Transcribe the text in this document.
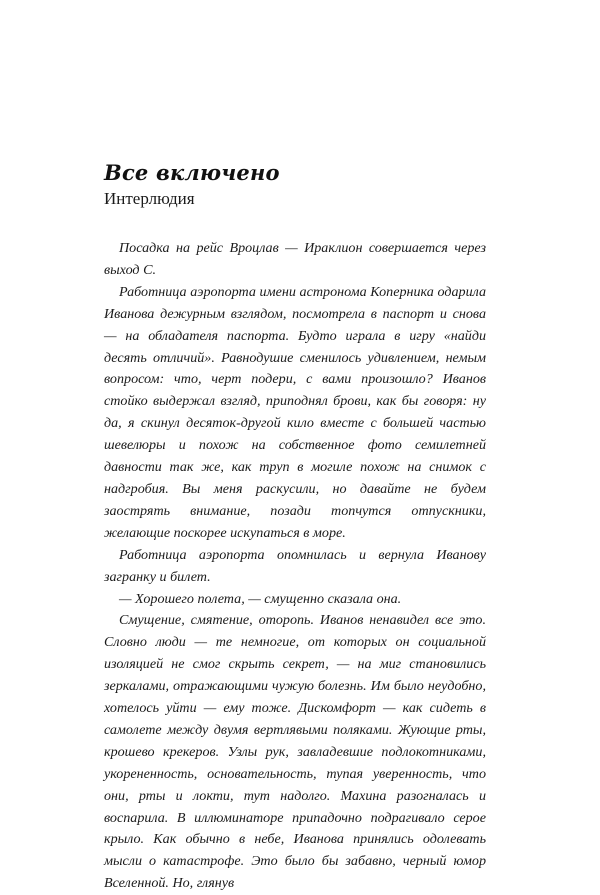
Все включено
Интерлюдия

Посадка на рейс Вроцлав — Ираклион совершается через выход C.

Работница аэропорта имени астронома Коперника одарила Иванова дежурным взглядом, посмотрела в паспорт и снова — на обладателя паспорта. Будто играла в игру «найди десять отличий». Равнодушие сменилось удивлением, немым вопросом: что, черт подери, с вами произошло? Иванов стойко выдержал взгляд, приподнял брови, как бы говоря: ну да, я скинул десяток-другой кило вместе с большей частью шевелюры и похож на собственное фото семилетней давности так же, как труп в могиле похож на снимок с надгробия. Вы меня раскусили, но давайте не будем заострять внимание, позади топчутся отпускники, желающие поскорее искупаться в море.

Работница аэропорта опомнилась и вернула Иванову загранку и билет.

— Хорошего полета, — смущенно сказала она.

Смущение, смятение, оторопь. Иванов ненавидел все это. Словно люди — те немногие, от которых он социальной изоляцией не смог скрыть секрет, — на миг становились зеркалами, отражающими чужую болезнь. Им было неудобно, хотелось уйти — ему тоже. Дискомфорт — как сидеть в самолете между двумя вертлявыми поляками. Жующие рты, крошево крекеров. Узлы рук, завладевшие подлокотниками, укорененность, основательность, тупая уверенность, что они, рты и локти, тут надолго. Махина разогналась и воспарила. В иллюминаторе припадочно подрагивало серое крыло. Как обычно в небе, Иванова принялись одолевать мысли о катастрофе. Это было бы забавно, черный юмор Вселенной. Но, глянув
